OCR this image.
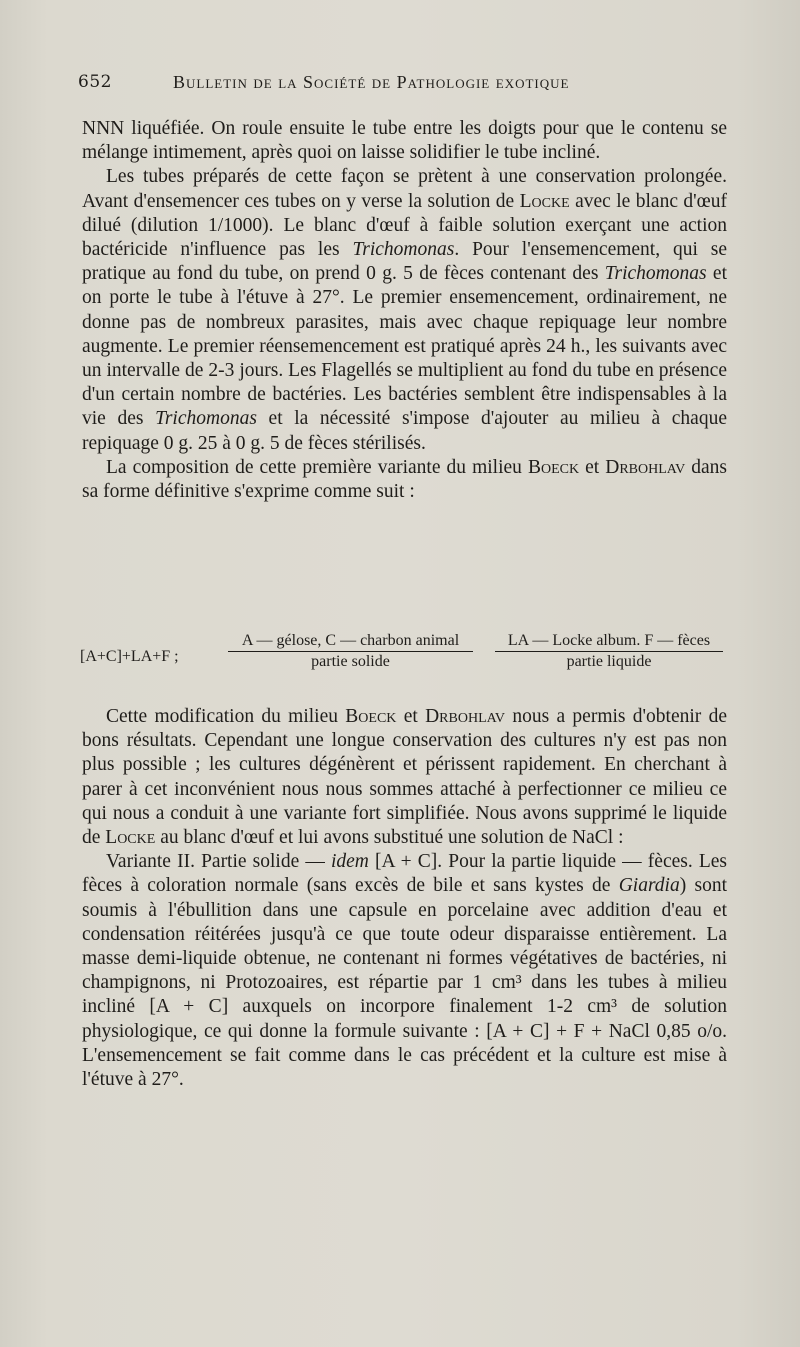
652	Bulletin de la Société de Pathologie exotique

NNN liquéfiée. On roule ensuite le tube entre les doigts pour que le contenu se mélange intimement, après quoi on laisse solidifier le tube incliné.

Les tubes préparés de cette façon se prètent à une conservation prolongée. Avant d'ensemencer ces tubes on y verse la solution de Locke avec le blanc d'œuf dilué (dilution 1/1000). Le blanc d'œuf à faible solution exerçant une action bactéricide n'influence pas les Trichomonas. Pour l'ensemencement, qui se pratique au fond du tube, on prend 0 g. 5 de fèces contenant des Trichomonas et on porte le tube à l'étuve à 27°. Le premier ensemencement, ordinairement, ne donne pas de nombreux parasites, mais avec chaque repiquage leur nombre augmente. Le premier réensemencement est pratiqué après 24 h., les suivants avec un intervalle de 2-3 jours. Les Flagellés se multiplient au fond du tube en présence d'un certain nombre de bactéries. Les bactéries semblent être indispensables à la vie des Trichomonas et la nécessité s'impose d'ajouter au milieu à chaque repiquage 0 g. 25 à 0 g. 5 de fèces stérilisés.

La composition de cette première variante du milieu Boeck et Drbohlav dans sa forme définitive s'exprime comme suit :

[A+C]+LA+F ;
A — gélose, C — charbon animal
partie solide
LA — Locke album. F — fèces
partie liquide

Cette modification du milieu Boeck et Drbohlav nous a permis d'obtenir de bons résultats. Cependant une longue conservation des cultures n'y est pas non plus possible ; les cultures dégénèrent et périssent rapidement. En cherchant à parer à cet inconvénient nous nous sommes attaché à perfectionner ce milieu ce qui nous a conduit à une variante fort simplifiée. Nous avons supprimé le liquide de Locke au blanc d'œuf et lui avons substitué une solution de NaCl :

Variante II. Partie solide — idem [A + C]. Pour la partie liquide — fèces. Les fèces à coloration normale (sans excès de bile et sans kystes de Giardia) sont soumis à l'ébullition dans une capsule en porcelaine avec addition d'eau et condensation réitérées jusqu'à ce que toute odeur disparaisse entièrement. La masse demi-liquide obtenue, ne contenant ni formes végétatives de bactéries, ni champignons, ni Protozoaires, est répartie par 1 cm³ dans les tubes à milieu incliné [A + C] auxquels on incorpore finalement 1-2 cm³ de solution physiologique, ce qui donne la formule suivante : [A + C] + F + NaCl 0,85 o/o. L'ensemencement se fait comme dans le cas précédent et la culture est mise à l'étuve à 27°.
